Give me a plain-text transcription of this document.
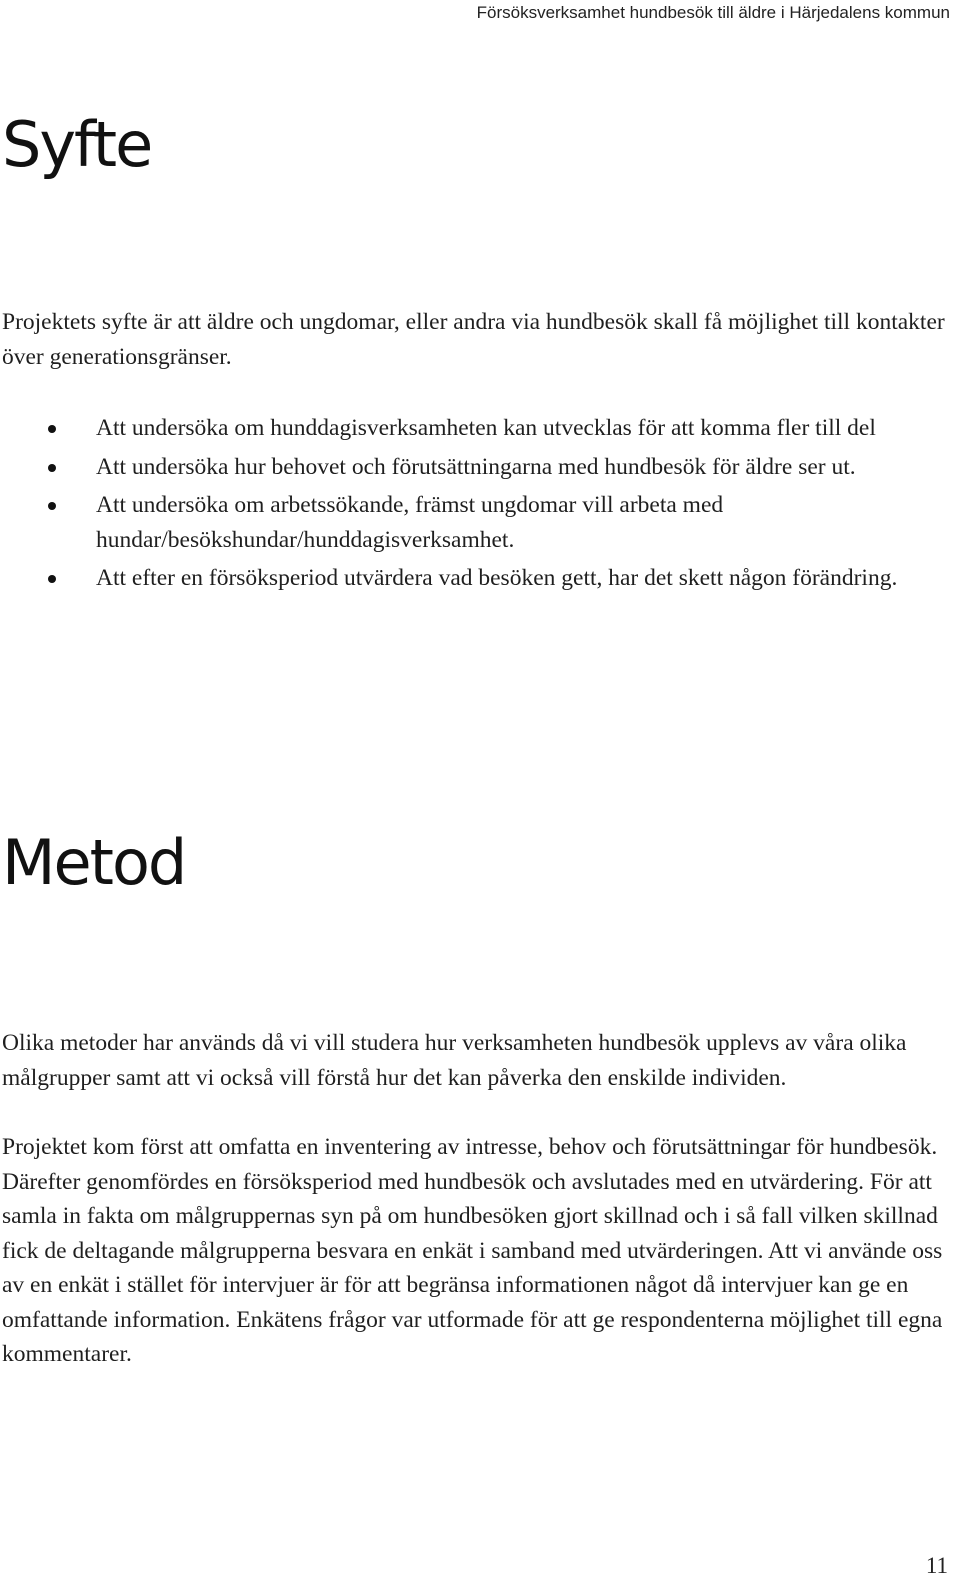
Försöksverksamhet hundbesök till äldre i Härjedalens kommun
Syfte

Projektets syfte är att äldre och ungdomar, eller andra via hundbesök skall få möjlighet till kontakter över generationsgränser.

Att undersöka om hunddagisverksamheten kan utvecklas för att komma fler till del
Att undersöka hur behovet och förutsättningarna med hundbesök för äldre ser ut.
Att undersöka om arbetssökande, främst ungdomar vill arbeta med hundar/besökshundar/hunddagisverksamhet.
Att efter en försöksperiod utvärdera vad besöken gett, har det skett någon förändring.
Metod

Olika metoder har används då vi vill studera hur verksamheten hundbesök upplevs av våra olika målgrupper samt att vi också vill förstå hur det kan påverka den enskilde individen.

Projektet kom först att omfatta en inventering av intresse, behov och förutsättningar för hundbesök. Därefter genomfördes en försöksperiod med hundbesök och avslutades med en utvärdering. För att samla in fakta om målgruppernas syn på om hundbesöken gjort skillnad och i så fall vilken skillnad fick de deltagande målgrupperna besvara en enkät i samband med utvärderingen. Att vi använde oss av en enkät i stället för intervjuer är för att begränsa informationen något då intervjuer kan ge en omfattande information. Enkätens frågor var utformade för att ge respondenterna möjlighet till egna kommentarer.

11
